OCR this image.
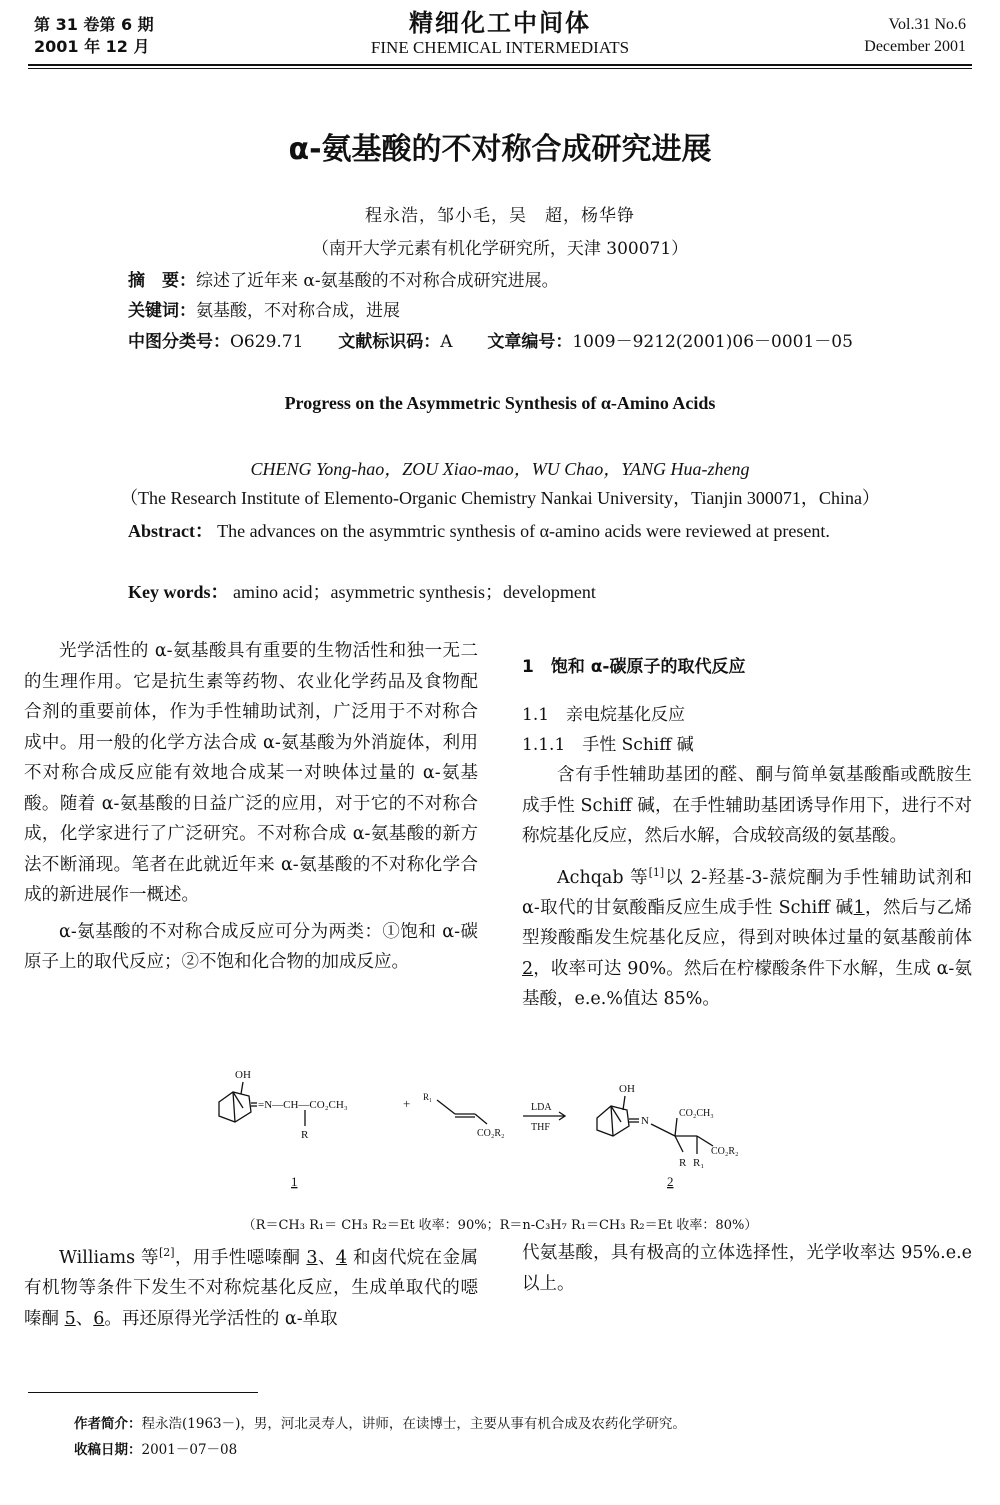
第 31 卷第 6 期
2001 年 12 月
精细化工中间体
FINE CHEMICAL INTERMEDIATS
Vol.31 No.6
December 2001
α-氨基酸的不对称合成研究进展
程永浩，邹小毛，吴　超，杨华铮
（南开大学元素有机化学研究所，天津 300071）
摘　要：综述了近年来 α-氨基酸的不对称合成研究进展。
关键词：氨基酸，不对称合成，进展
中图分类号：O629.71 文献标识码：A 文章编号：1009－9212(2001)06－0001－05
Progress on the Asymmetric Synthesis of α-Amino Acids
CHENG Yong-hao，ZOU Xiao-mao，WU Chao，YANG Hua-zheng
（The Research Institute of Elemento-Organic Chemistry Nankai University，Tianjin 300071，China）
Abstract： The advances on the asymmtric synthesis of α-amino acids were reviewed at present.
Key words： amino acid；asymmetric synthesis；development

光学活性的 α-氨基酸具有重要的生物活性和独一无二的生理作用。它是抗生素等药物、农业化学药品及食物配合剂的重要前体，作为手性辅助试剂，广泛用于不对称合成中。用一般的化学方法合成 α-氨基酸为外消旋体，利用不对称合成反应能有效地合成某一对映体过量的 α-氨基酸。随着 α-氨基酸的日益广泛的应用，对于它的不对称合成，化学家进行了广泛研究。不对称合成 α-氨基酸的新方法不断涌现。笔者在此就近年来 α-氨基酸的不对称化学合成的新进展作一概述。

α-氨基酸的不对称合成反应可分为两类：①饱和 α-碳原子上的取代反应；②不饱和化合物的加成反应。

1　饱和 α-碳原子的取代反应
1.1　亲电烷基化反应
1.1.1　手性 Schiff 碱

含有手性辅助基团的醛、酮与简单氨基酸酯或酰胺生成手性 Schiff 碱，在手性辅助基团诱导作用下，进行不对称烷基化反应，然后水解，合成较高级的氨基酸。

Achqab 等[1]以 2-羟基-3-蒎烷酮为手性辅助试剂和 α-取代的甘氨酸酯反应生成手性 Schiff 碱1，然后与乙烯型羧酸酯发生烷基化反应，得到对映体过量的氨基酸前体2，收率可达 90%。然后在柠檬酸条件下水解，生成 α-氨基酸，e.e.%值达 85%。

OH
=N—CH—CO₂CH₃
R
+ R₁
CO₂R₂
LDA
THF
OH
N
CO₂CH₃
CO₂R₂
R R₁
1	2
（R＝CH₃ R₁＝ CH₃ R₂＝Et 收率：90%；R＝n-C₃H₇ R₁＝CH₃ R₂＝Et 收率：80%）

Williams 等[2]，用手性噁嗪酮 3、4 和卤代烷在金属有机物等条件下发生不对称烷基化反应，生成单取代的噁嗪酮 5、6。再还原得光学活性的 α-单取

代氨基酸，具有极高的立体选择性，光学收率达 95%.e.e 以上。
作者简介：程永浩(1963－)，男，河北灵寿人，讲师，在读博士，主要从事有机合成及农药化学研究。
收稿日期：2001－07－08
